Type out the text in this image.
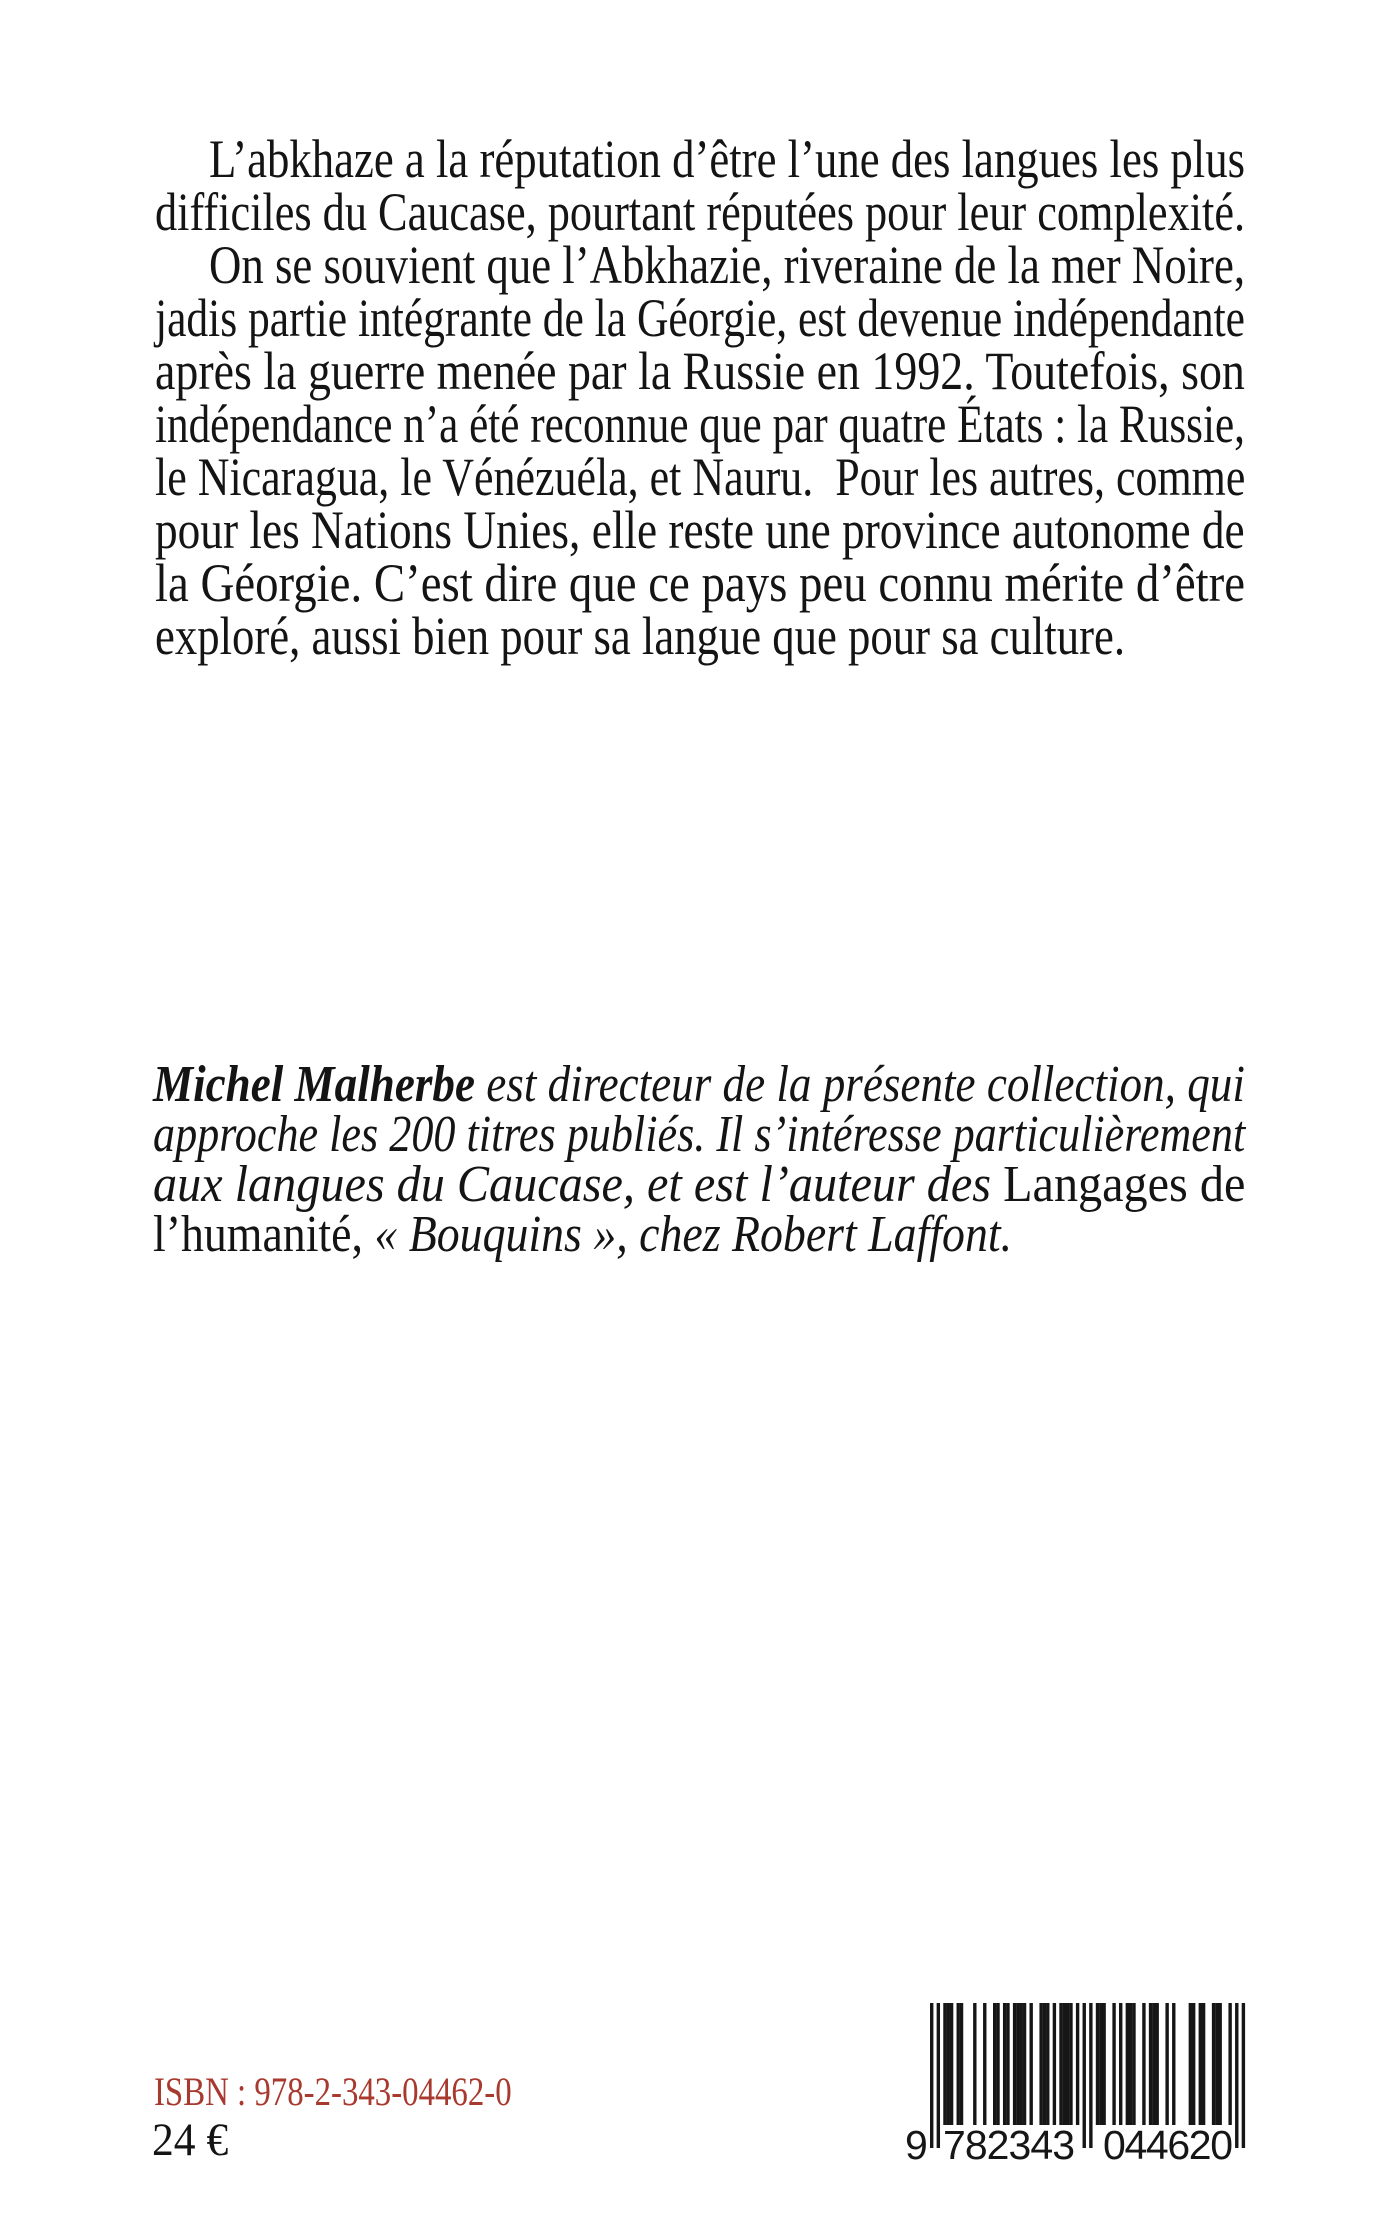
L’abkhaze a la réputation d’être l’une des langues les plus
difficiles du Caucase, pourtant réputées pour leur complexité.
On se souvient que l’Abkhazie, riveraine de la mer Noire,
jadis partie intégrante de la Géorgie, est devenue indépendante
après la guerre menée par la Russie en 1992. Toutefois, son
indépendance n’a été reconnue que par quatre États : la Russie,
le Nicaragua, le Vénézuéla, et Nauru.  Pour les autres, comme
pour les Nations Unies, elle reste une province autonome de
la Géorgie. C’est dire que ce pays peu connu mérite d’être
exploré, aussi bien pour sa langue que pour sa culture.
Michel Malherbe est directeur de la présente collection, qui
approche les 200 titres publiés. Il s’intéresse particulièrement
aux langues du Caucase, et est l’auteur des Langages de
l’humanité, « Bouquins », chez Robert Laffont.
ISBN : 978-2-343-04462-0
24 €	9 782343 044620
